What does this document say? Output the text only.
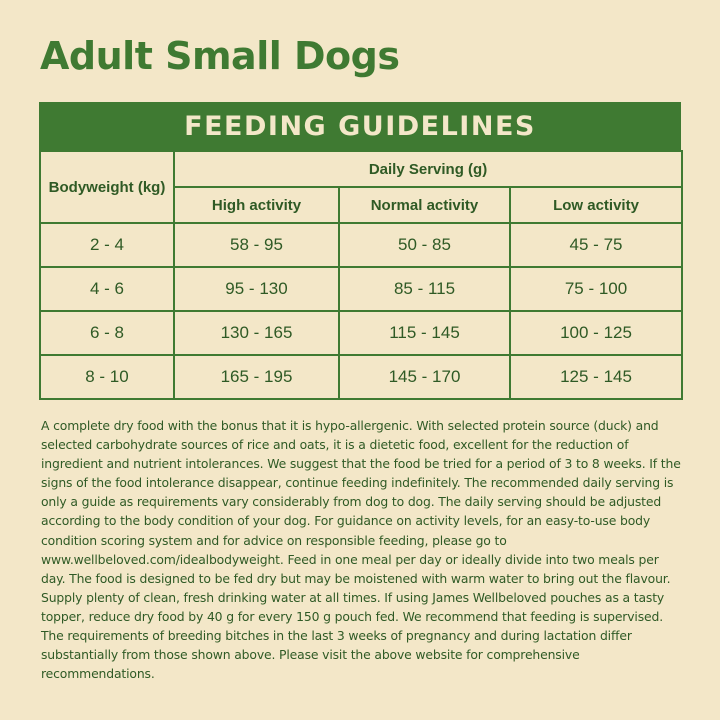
Adult Small Dogs
FEEDING GUIDELINES
Bodyweight (kg)	Daily Serving (g)		
	High activity	Normal activity	Low activity
2 - 4	58 - 95	50 - 85	45 - 75
4 - 6	95 - 130	85 - 115	75 - 100
6 - 8	130 - 165	115 - 145	100 - 125
8 - 10	165 - 195	145 - 170	125 - 145

A complete dry food with the bonus that it is hypo-allergenic. With selected protein source (duck) and selected carbohydrate sources of rice and oats, it is a dietetic food, excellent for the reduction of ingredient and nutrient intolerances. We suggest that the food be tried for a period of 3 to 8 weeks. If the signs of the food intolerance disappear, continue feeding indefinitely. The recommended daily serving is only a guide as requirements vary considerably from dog to dog. The daily serving should be adjusted according to the body condition of your dog. For guidance on activity levels, for an easy-to-use body condition scoring system and for advice on responsible feeding, please go to www.wellbeloved.com/idealbodyweight. Feed in one meal per day or ideally divide into two meals per day. The food is designed to be fed dry but may be moistened with warm water to bring out the flavour. Supply plenty of clean, fresh drinking water at all times. If using James Wellbeloved pouches as a tasty topper, reduce dry food by 40 g for every 150 g pouch fed. We recommend that feeding is supervised. The requirements of breeding bitches in the last 3 weeks of pregnancy and during lactation differ substantially from those shown above. Please visit the above website for comprehensive recommendations.
